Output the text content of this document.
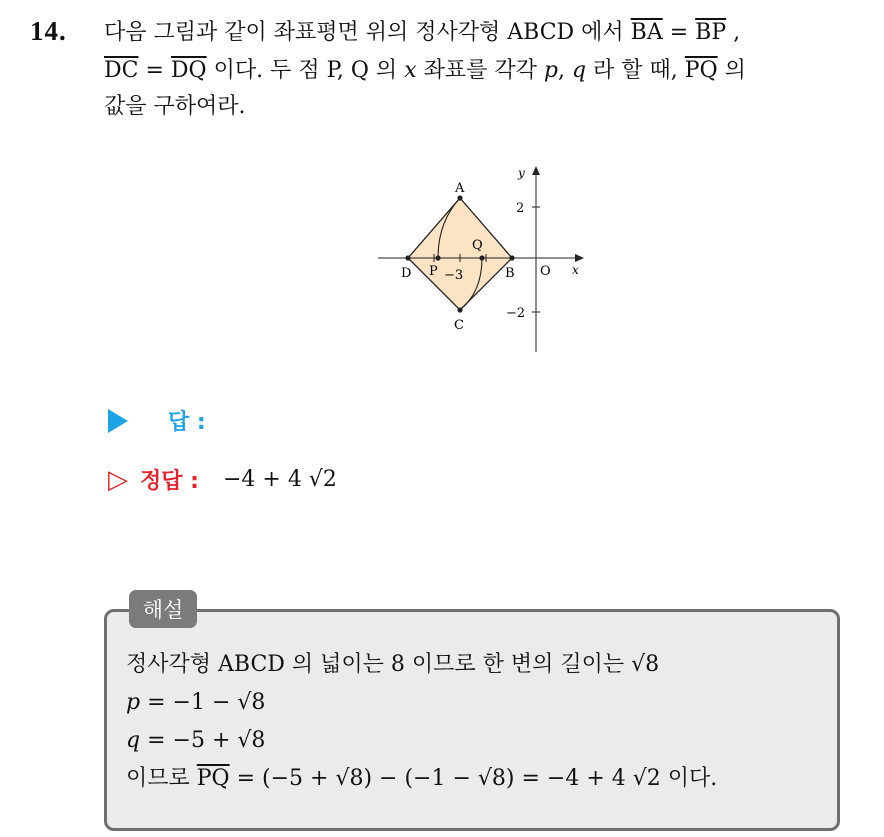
14. 다음 그림과 같이 좌표평면 위의 정사각형 ABCD 에서 $\overline{BA} = \overline{BP}$ ,
$\overline{DC} = \overline{DQ}$ 이다. 두 점 P, Q 의 x 좌표를 각각 p, q 라 할 때, $\overline{PQ}$ 의
값을 구하여라.
y
x
O
A
B
C
D P
Q
2
−2
−3
답 :
▷ 정답 : −4 + 4 √2
해설
정사각형 ABCD 의 넓이는 8 이므로 한 변의 길이는 √8
p = −1 − √8
q = −5 + √8
이므로 $\overline{PQ} = (-5 + √8) - (-1 - √8) = -4 + 4$ √2 이다.
